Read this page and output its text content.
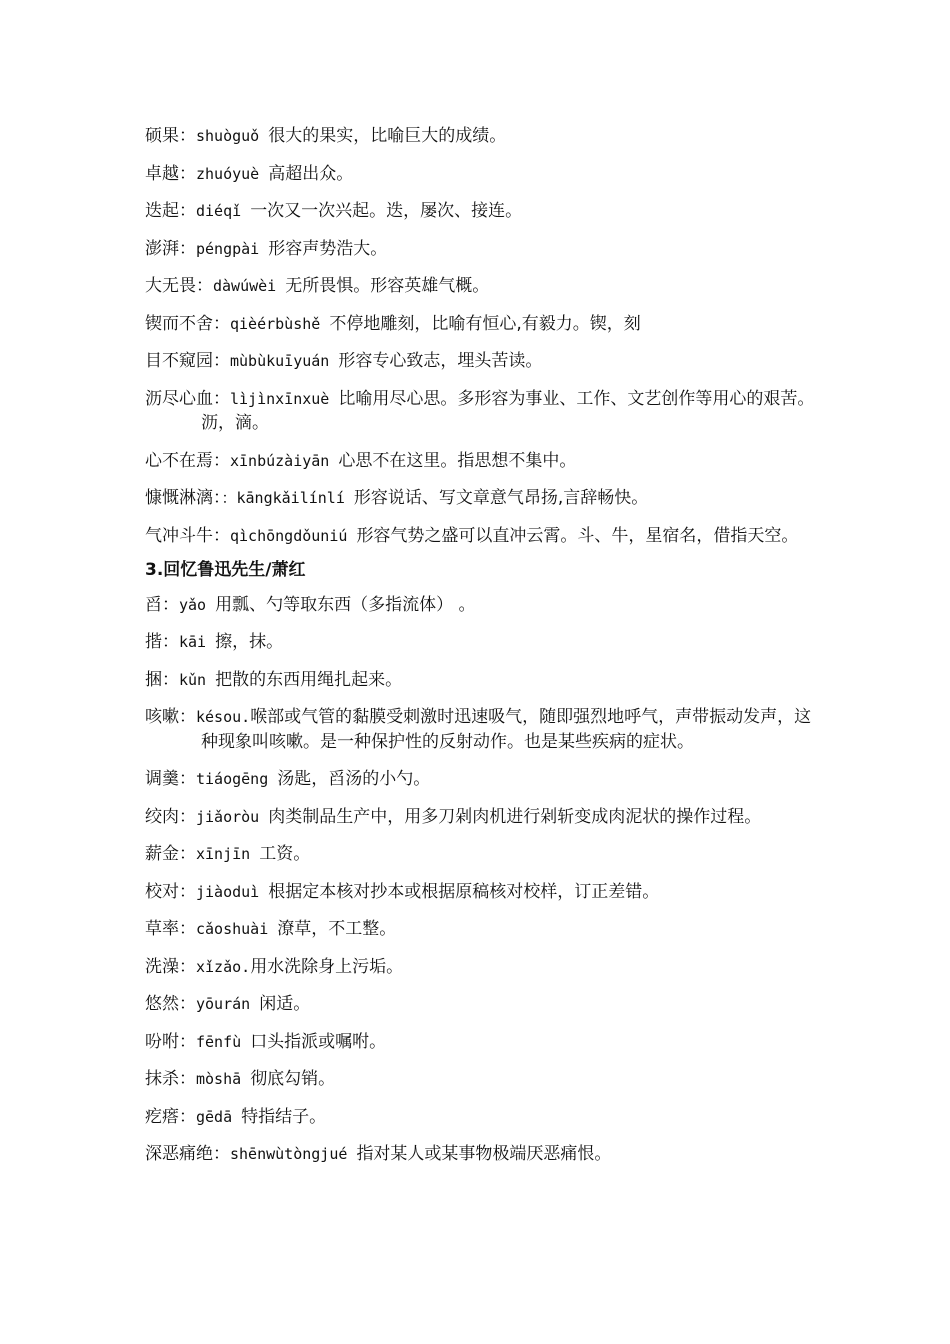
硕果：shuòguǒ 很大的果实，比喻巨大的成绩。
卓越：zhuóyuè 高超出众。
迭起：diéqǐ 一次又一次兴起。迭，屡次、接连。
澎湃：péngpài 形容声势浩大。
大无畏：dàwúwèi 无所畏惧。形容英雄气概。
锲而不舍：qièérbùshě 不停地雕刻，比喻有恒心,有毅力。锲，刻
目不窥园：mùbùkuīyuán 形容专心致志，埋头苦读。
沥尽心血：lìjìnxīnxuè 比喻用尽心思。多形容为事业、工作、文艺创作等用心的艰苦。沥，滴。
心不在焉：xīnbúzàiyān 心思不在这里。指思想不集中。
慷慨淋漓：：kāngkǎilínlí 形容说话、写文章意气昂扬,言辞畅快。
气冲斗牛：qìchōngdǒuniú 形容气势之盛可以直冲云霄。斗、牛，星宿名，借指天空。
3.回忆鲁迅先生/萧红
舀：yǎo 用瓢、勺等取东西（多指流体） 。
揩：kāi 擦，抹。
捆：kǔn 把散的东西用绳扎起来。
咳嗽：késou.喉部或气管的黏膜受刺激时迅速吸气，随即强烈地呼气，声带振动发声，这种现象叫咳嗽。是一种保护性的反射动作。也是某些疾病的症状。
调羹：tiáogēng 汤匙，舀汤的小勺。
绞肉：jiǎoròu 肉类制品生产中，用多刀剁肉机进行剁斩变成肉泥状的操作过程。
薪金：xīnjīn 工资。
校对：jiàoduì 根据定本核对抄本或根据原稿核对校样，订正差错。
草率：cǎoshuài 潦草，不工整。
洗澡：xǐzǎo.用水洗除身上污垢。
悠然：yōurán 闲适。
吩咐：fēnfù 口头指派或嘱咐。
抹杀：mòshā 彻底勾销。
疙瘩：gēdā 特指结子。
深恶痛绝：shēnwùtòngjué 指对某人或某事物极端厌恶痛恨。
